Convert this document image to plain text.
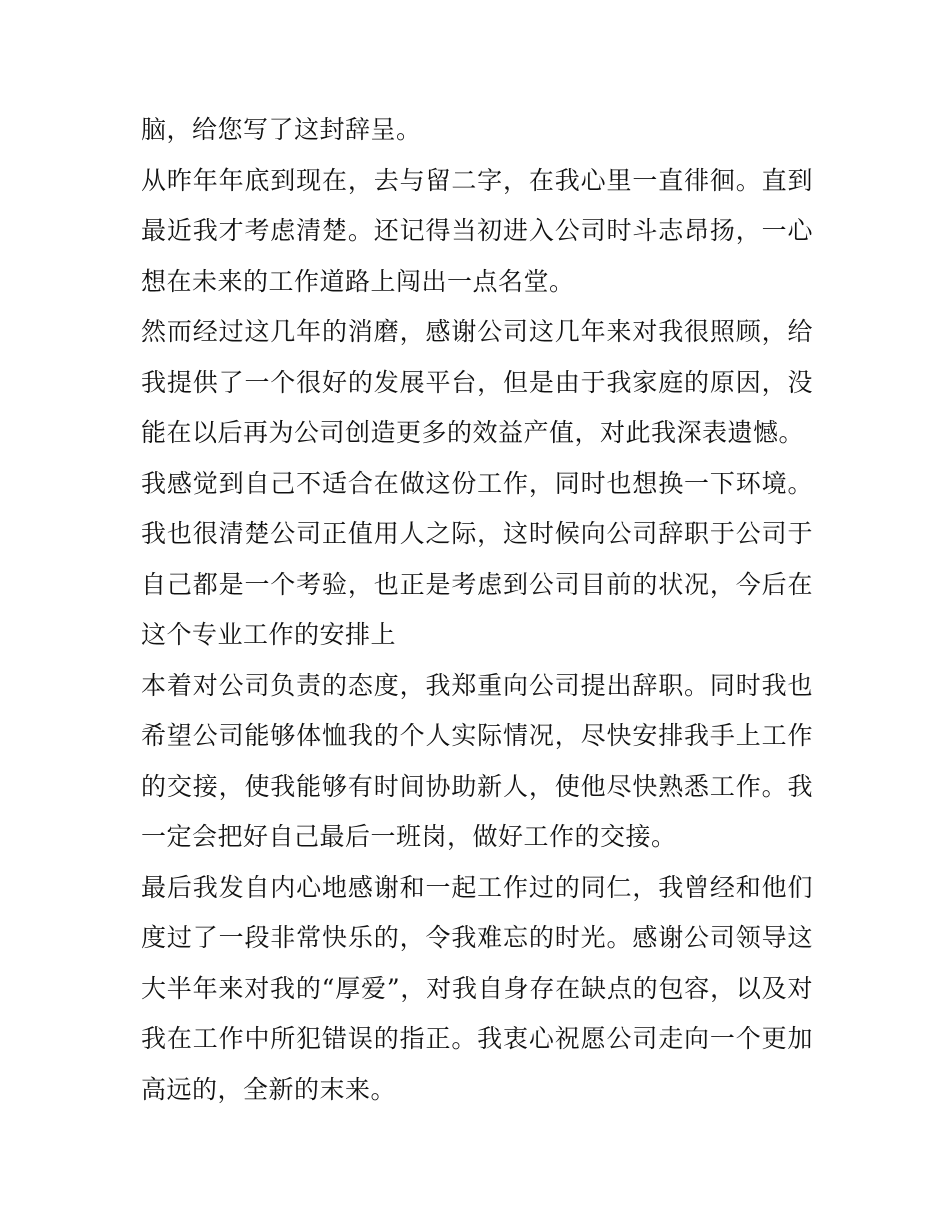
脑，给您写了这封辞呈。

从昨年年底到现在，去与留二字，在我心里一直徘徊。直到最近我才考虑清楚。还记得当初进入公司时斗志昂扬，一心想在未来的工作道路上闯出一点名堂。

然而经过这几年的消磨，感谢公司这几年来对我很照顾，给我提供了一个很好的发展平台，但是由于我家庭的原因，没能在以后再为公司创造更多的效益产值，对此我深表遗憾。

我感觉到自己不适合在做这份工作，同时也想换一下环境。我也很清楚公司正值用人之际，这时候向公司辞职于公司于自己都是一个考验，也正是考虑到公司目前的状况，今后在这个专业工作的安排上

本着对公司负责的态度，我郑重向公司提出辞职。同时我也希望公司能够体恤我的个人实际情况，尽快安排我手上工作的交接，使我能够有时间协助新人，使他尽快熟悉工作。我一定会把好自己最后一班岗，做好工作的交接。

最后我发自内心地感谢和一起工作过的同仁，我曾经和他们度过了一段非常快乐的，令我难忘的时光。感谢公司领导这大半年来对我的“厚爱”，对我自身存在缺点的包容，以及对我在工作中所犯错误的指正。我衷心祝愿公司走向一个更加高远的，全新的末来。
